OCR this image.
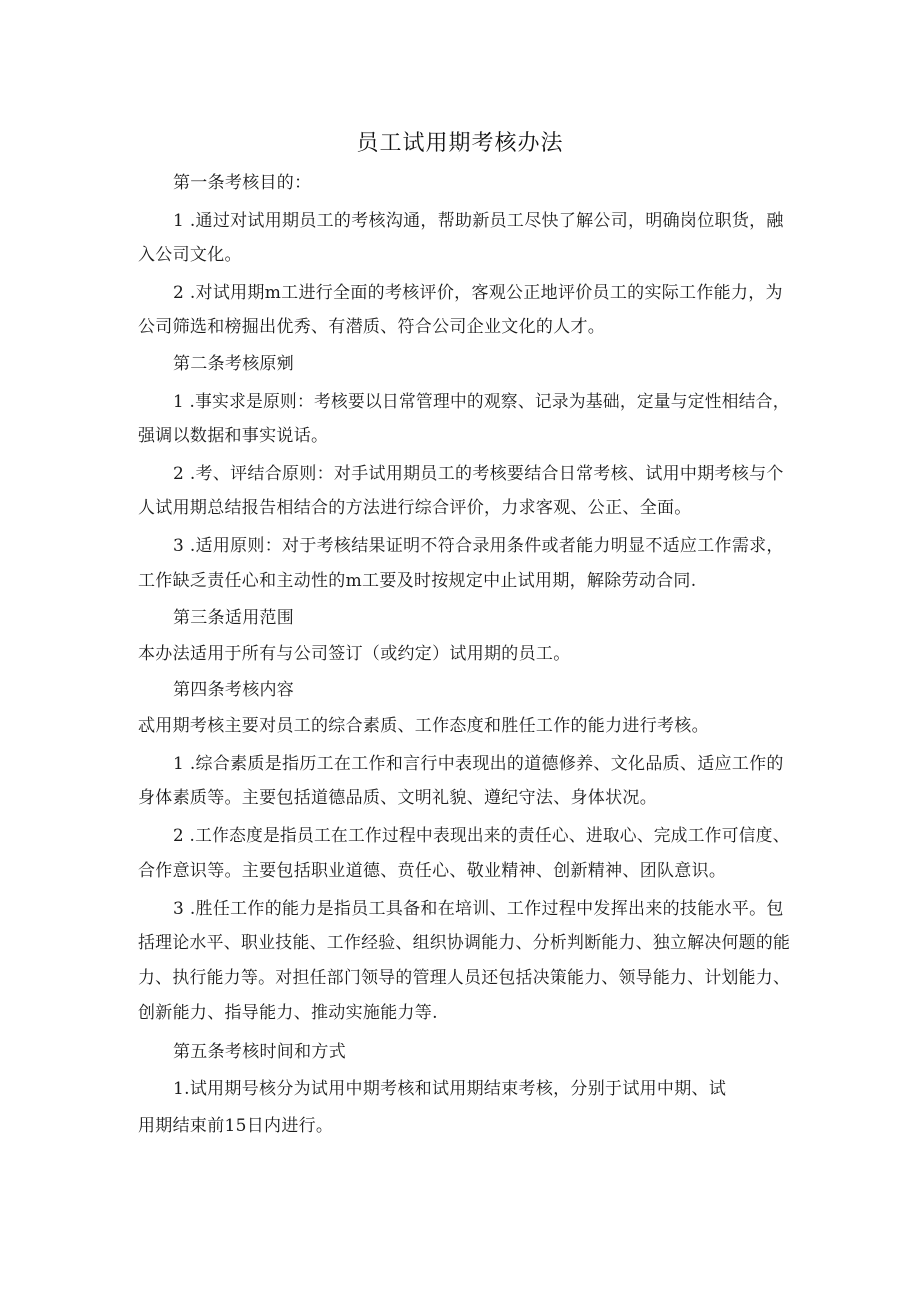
员工试用期考核办法
第一条考核目的：
1 .通过对试用期员工的考核沟通，帮助新员工尽快了解公司，明确岗位职货，融
入公司文化。
2 .对试用期m工进行全面的考核评价，客观公正地评价员工的实际工作能力，为
公司筛选和榜掘出优秀、有潜质、符合公司企业文化的人才。
第二条考核原剜
1 .事实求是原则：考核要以日常管理中的观察、记录为基础，定量与定性相结合，
强调以数据和事实说话。
2 .考、评结合原则：对手试用期员工的考核要结合日常考核、试用中期考核与个
人试用期总结报告相结合的方法进行综合评价，力求客观、公正、全面。
3 .适用原则：对于考核结果证明不符合录用条件或者能力明显不适应工作需求，
工作缺乏责任心和主动性的m工要及时按规定中止试用期，解除劳动合同.
第三条适用范围
本办法适用于所有与公司签订（或约定）试用期的员工。
第四条考核内容
忒用期考核主要对员工的综合素质、工作态度和胜任工作的能力进行考核。
1 .综合素质是指历工在工作和言行中表现出的道德修养、文化品质、适应工作的
身体素质等。主要包括道德品质、文明礼貌、遵纪守法、身体状况。
2 .工作态度是指员工在工作过程中表现出来的责任心、进取心、完成工作可信度、
合作意识等。主要包括职业道德、贲任心、敬业精神、创新精神、团队意识。
3 .胜任工作的能力是指员工具备和在培训、工作过程中发挥出来的技能水平。包
括理论水平、职业技能、工作经验、组织协调能力、分析判断能力、独立解决何题的能
力、执行能力等。对担任部门领导的管理人员还包括决策能力、领导能力、计划能力、
创新能力、指导能力、推动实施能力等.
第五条考核时间和方式
1.试用期号核分为试用中期考核和试用期结束考核，分别于试用中期、试
用期结束前15日内进行。
